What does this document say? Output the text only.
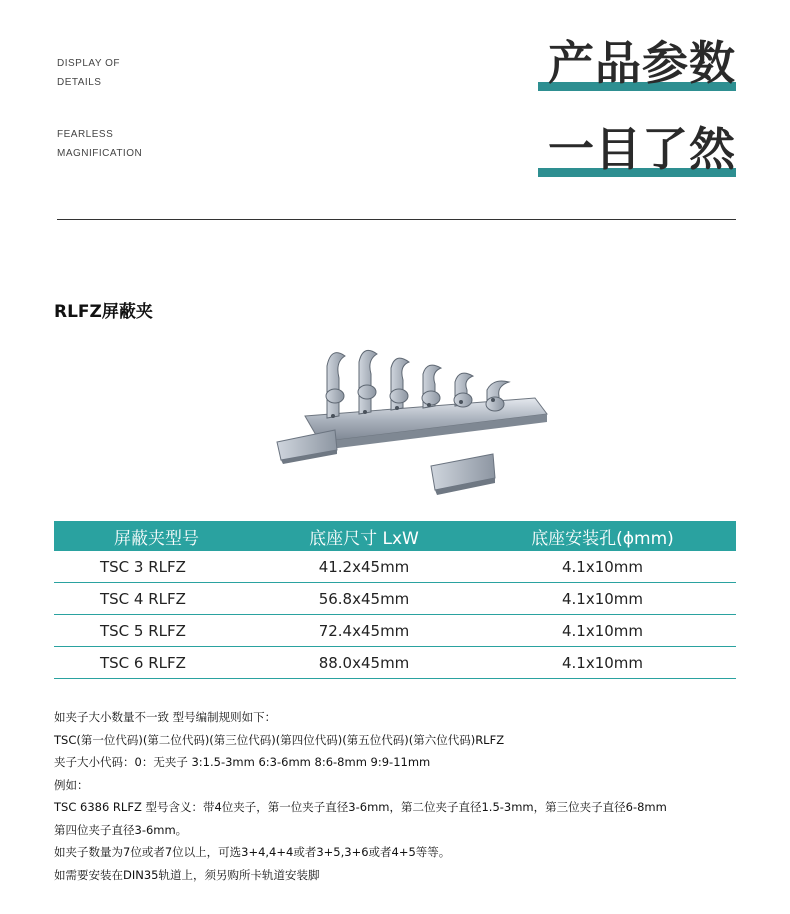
DISPLAY OF
DETAILS
FEARLESS
MAGNIFICATION
产品参数
一目了然
RLFZ屏蔽夹
屏蔽夹型号	底座尺寸 LxW	底座安装孔(ϕmm)
TSC 3 RLFZ	41.2x45mm	4.1x10mm
TSC 4 RLFZ	56.8x45mm	4.1x10mm
TSC 5 RLFZ	72.4x45mm	4.1x10mm
TSC 6 RLFZ	88.0x45mm	4.1x10mm
如夹子大小数量不一致 型号编制规则如下：
TSC(第一位代码)(第二位代码)(第三位代码)(第四位代码)(第五位代码)(第六位代码)RLFZ
夹子大小代码：0：无夹子 3:1.5-3mm 6:3-6mm 8:6-8mm 9:9-11mm
例如：
TSC 6386 RLFZ 型号含义：带4位夹子，第一位夹子直径3-6mm，第二位夹子直径1.5-3mm，第三位夹子直径6-8mm
第四位夹子直径3-6mm。
如夹子数量为7位或者7位以上，可选3+4,4+4或者3+5,3+6或者4+5等等。
如需要安装在DIN35轨道上，须另购所卡轨道安装脚
